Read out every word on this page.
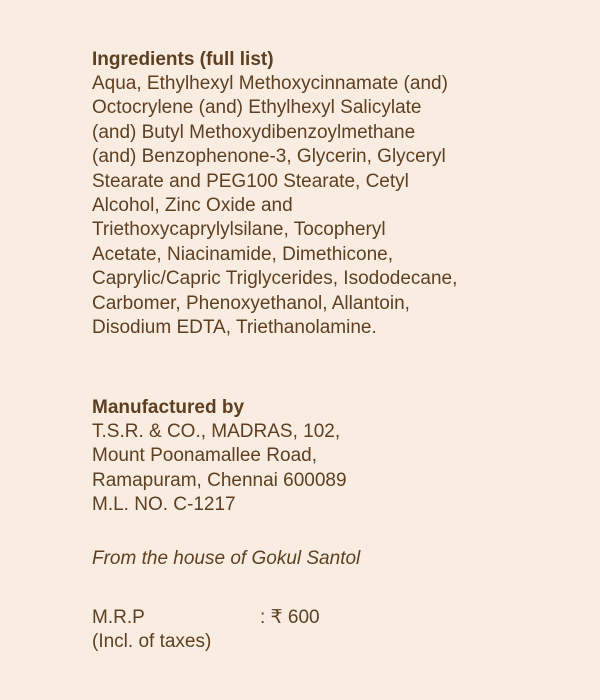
Ingredients (full list)

Aqua, Ethylhexyl Methoxycinnamate (and)

Octocrylene (and) Ethylhexyl Salicylate

(and) Butyl Methoxydibenzoylmethane

(and) Benzophenone-3, Glycerin, Glyceryl

Stearate and PEG100 Stearate, Cetyl

Alcohol, Zinc Oxide and

Triethoxycaprylylsilane, Tocopheryl

Acetate, Niacinamide, Dimethicone,

Caprylic/Capric Triglycerides, Isododecane,

Carbomer, Phenoxyethanol, Allantoin,

Disodium EDTA, Triethanolamine.

Manufactured by

T.S.R. & CO., MADRAS, 102,

Mount Poonamallee Road,

Ramapuram, Chennai 600089

M.L. NO. C-1217

From the house of Gokul Santol
M.R.P	: ₹ 600
(Incl. of taxes)
